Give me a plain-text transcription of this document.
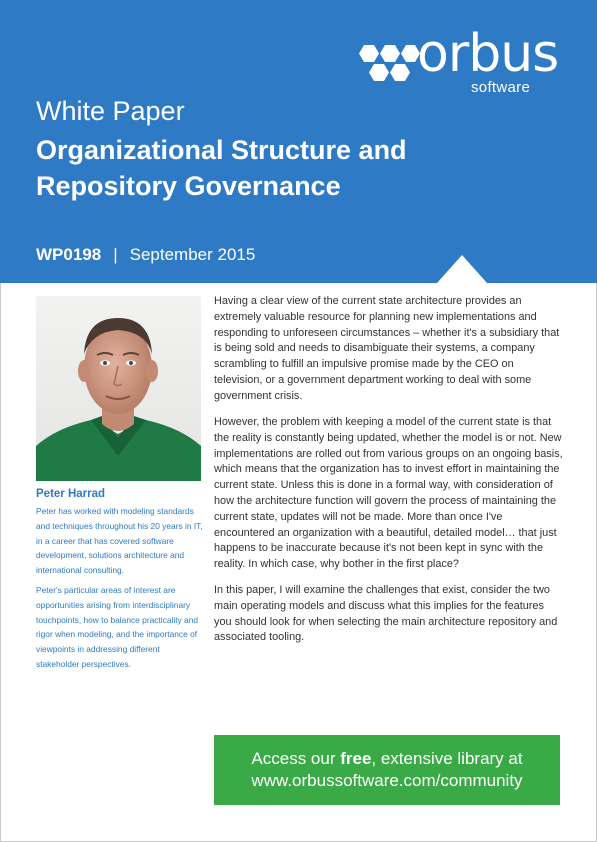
orbus
software
White Paper
Organizational Structure and Repository Governance
WP0198 | September 2015
Peter Harrad

Peter has worked with modeling standards and techniques throughout his 20 years in IT, in a career that has covered software development, solutions architecture and international consulting.

Peter's particular areas of interest are opportunities arising from interdisciplinary touchpoints, how to balance practicality and rigor when modeling, and the importance of viewpoints in addressing different stakeholder perspectives.

Having a clear view of the current state architecture provides an extremely valuable resource for planning new implementations and responding to unforeseen circumstances – whether it's a subsidiary that is being sold and needs to disambiguate their systems, a company scrambling to fulfill an impulsive promise made by the CEO on television, or a government department working to deal with some government crisis.

However, the problem with keeping a model of the current state is that the reality is constantly being updated, whether the model is or not. New implementations are rolled out from various groups on an ongoing basis, which means that the organization has to invest effort in maintaining the current state. Unless this is done in a formal way, with consideration of how the architecture function will govern the process of maintaining the current state, updates will not be made. More than once I've encountered an organization with a beautiful, detailed model… that just happens to be inaccurate because it's not been kept in sync with the reality. In which case, why bother in the first place?

In this paper, I will examine the challenges that exist, consider the two main operating models and discuss what this implies for the features you should look for when selecting the main architecture repository and associated tooling.

Access our free, extensive library at
www.orbussoftware.com/community
